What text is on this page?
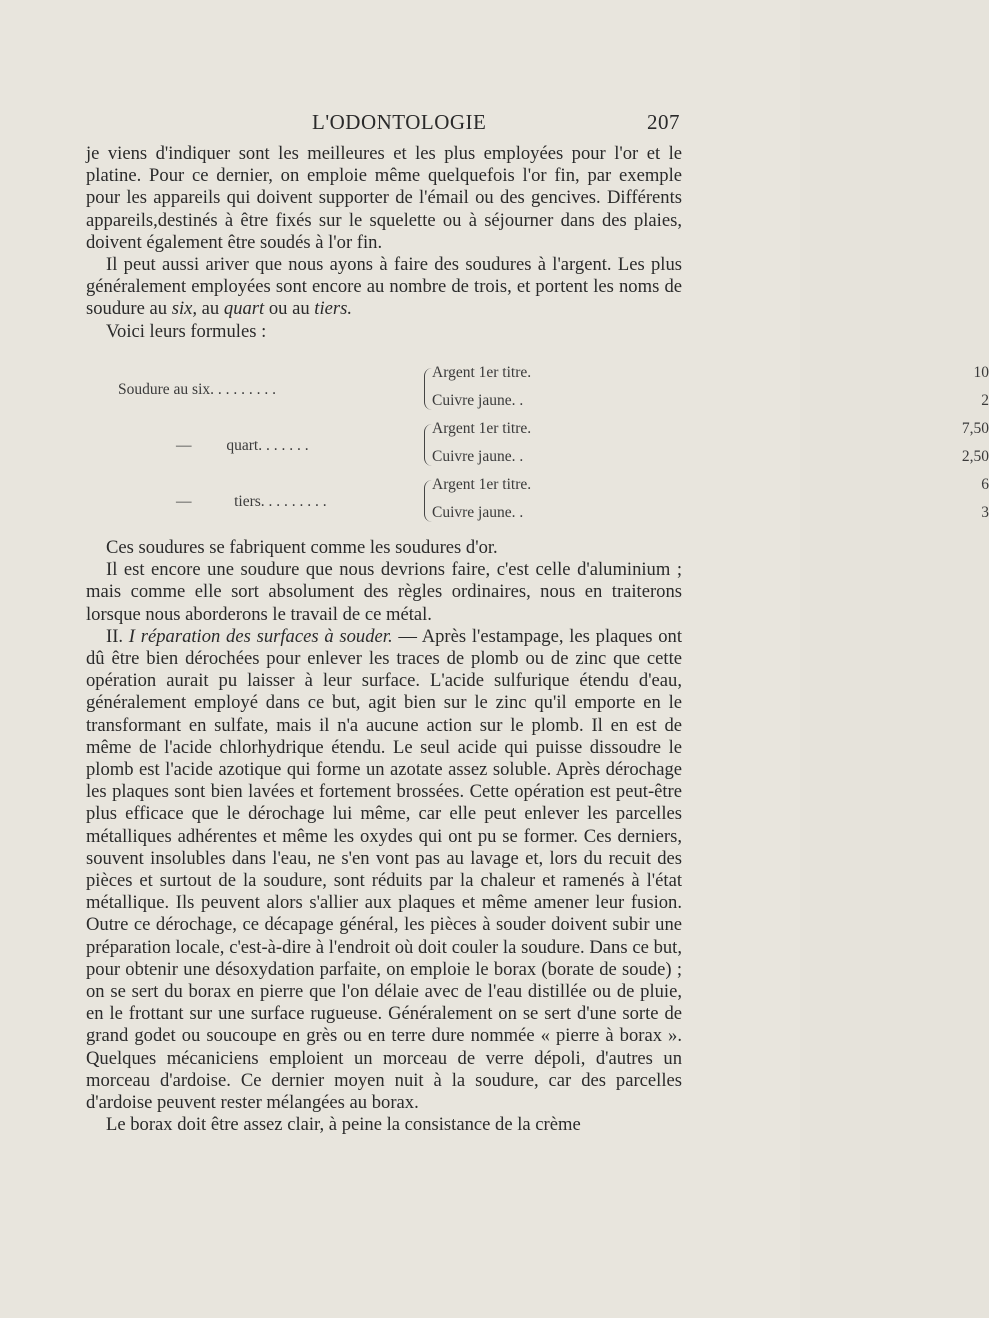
L'ODONTOLOGIE	207

je viens d'indiquer sont les meilleures et les plus employées pour l'or et le platine. Pour ce dernier, on emploie même quelquefois l'or fin, par exemple pour les appareils qui doivent supporter de l'émail ou des gencives. Différents appareils,destinés à être fixés sur le squelette ou à séjourner dans des plaies, doivent également être soudés à l'or fin.

Il peut aussi ariver que nous ayons à faire des soudures à l'argent. Les plus généralement employées sont encore au nombre de trois, et portent les noms de soudure au six, au quart ou au tiers.

Voici leurs formules :

Soudure au six. . . . . . . . .
Argent 1er titre.	10
Cuivre jaune. .	2
—         quart. . . . . . .
Argent 1er titre.	7,50
Cuivre jaune. .	2,50
—           tiers. . . . . . . . .
Argent 1er titre.	6
Cuivre jaune. .	3

Ces soudures se fabriquent comme les soudures d'or.

Il est encore une soudure que nous devrions faire, c'est celle d'aluminium ; mais comme elle sort absolument des règles ordinaires, nous en traiterons lorsque nous aborderons le travail de ce métal.

II. I réparation des surfaces à souder. — Après l'estampage, les plaques ont dû être bien dérochées pour enlever les traces de plomb ou de zinc que cette opération aurait pu laisser à leur surface. L'acide sulfurique étendu d'eau, généralement employé dans ce but, agit bien sur le zinc qu'il emporte en le transformant en sulfate, mais il n'a aucune action sur le plomb. Il en est de même de l'acide chlorhydrique étendu. Le seul acide qui puisse dissoudre le plomb est l'acide azotique qui forme un azotate assez soluble. Après dérochage les plaques sont bien lavées et fortement brossées. Cette opération est peut-être plus efficace que le dérochage lui même, car elle peut enlever les parcelles métalliques adhérentes et même les oxydes qui ont pu se former. Ces derniers, souvent insolubles dans l'eau, ne s'en vont pas au lavage et, lors du recuit des pièces et surtout de la soudure, sont réduits par la chaleur et ramenés à l'état métallique. Ils peuvent alors s'allier aux plaques et même amener leur fusion. Outre ce dérochage, ce décapage général, les pièces à souder doivent subir une préparation locale, c'est-à-dire à l'endroit où doit couler la soudure. Dans ce but, pour obtenir une désoxydation parfaite, on emploie le borax (borate de soude) ; on se sert du borax en pierre que l'on délaie avec de l'eau distillée ou de pluie, en le frottant sur une surface rugueuse. Généralement on se sert d'une sorte de grand godet ou soucoupe en grès ou en terre dure nommée « pierre à borax ». Quelques mécaniciens emploient un morceau de verre dépoli, d'autres un morceau d'ardoise. Ce dernier moyen nuit à la soudure, car des parcelles d'ardoise peuvent rester mélangées au borax.

Le borax doit être assez clair, à peine la consistance de la crème
